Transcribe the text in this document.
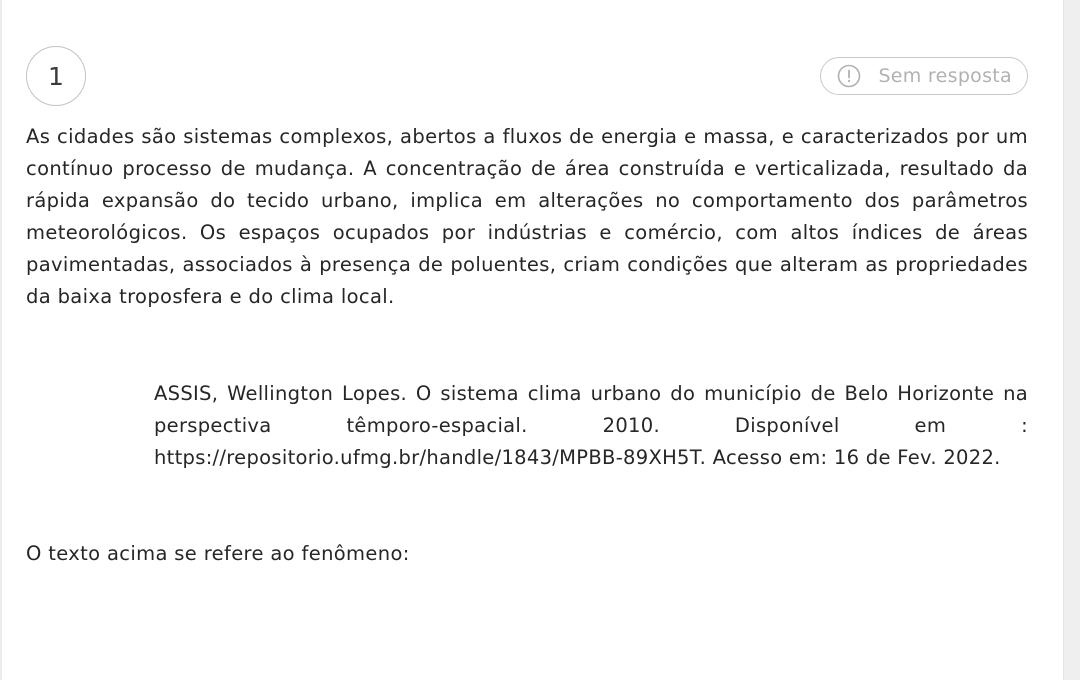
1	Sem resposta

As cidades são sistemas complexos, abertos a fluxos de energia e massa, e caracterizados por um contínuo processo de mudança. A concentração de área construída e verticalizada, resultado da rápida expansão do tecido urbano, implica em alterações no comportamento dos parâmetros meteorológicos. Os espaços ocupados por indústrias e comércio, com altos índices de áreas pavimentadas, associados à presença de poluentes, criam condições que alteram as propriedades da baixa troposfera e do clima local.

ASSIS, Wellington Lopes. O sistema clima urbano do município de Belo Horizonte na perspectiva têmporo-espacial. 2010. Disponível em : https://repositorio.ufmg.br/handle/1843/MPBB-89XH5T. Acesso em: 16 de Fev. 2022.

O texto acima se refere ao fenômeno:
